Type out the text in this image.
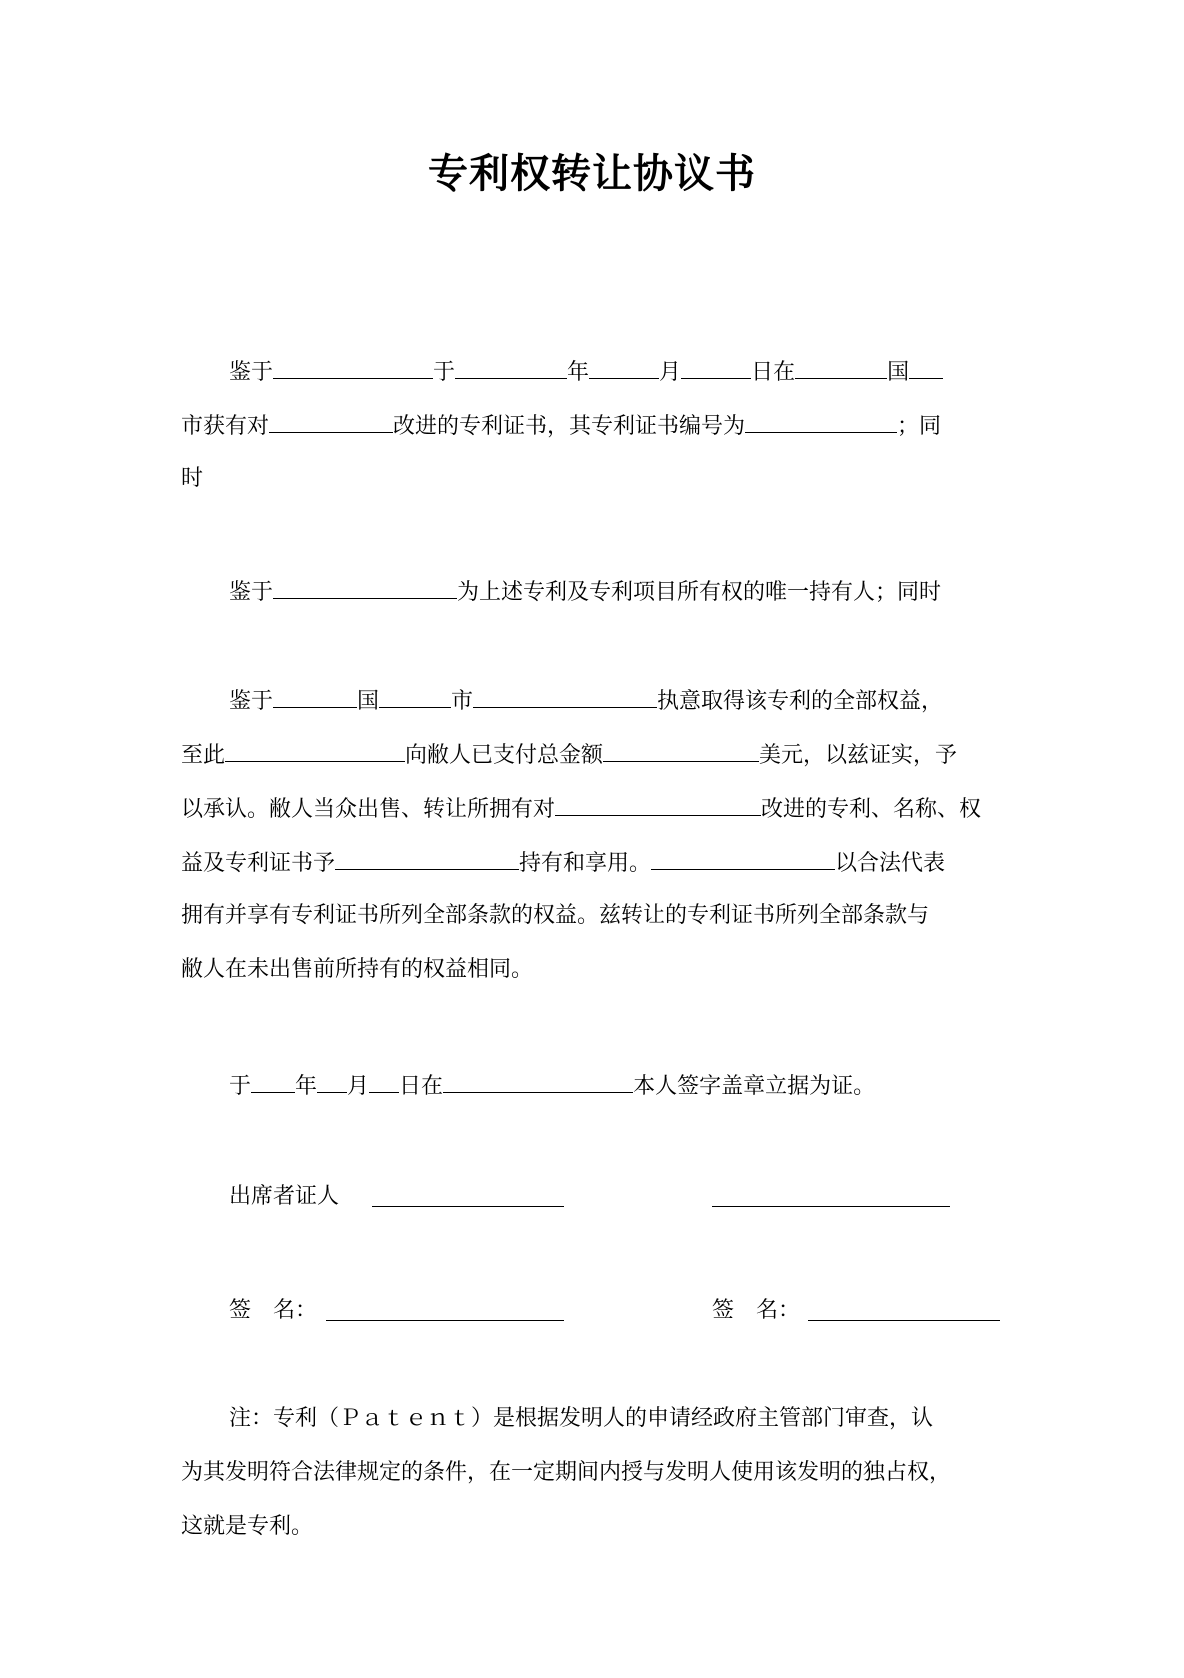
专利权转让协议书
鉴于	于	年	月	日在	国
市获有对	改进的专利证书，其专利证书编号为	；同
时
鉴于	为上述专利及专利项目所有权的唯一持有人；同时
鉴于	国	市	执意取得该专利的全部权益，
至此	向敝人已支付总金额	美元，以兹证实，予
以承认。敝人当众出售、转让所拥有对	改进的专利、名称、权
益及专利证书予	持有和享用。	以合法代表
拥有并享有专利证书所列全部条款的权益。兹转让的专利证书所列全部条款与
敝人在未出售前所持有的权益相同。
于 年 月 日在	本人签字盖章立据为证。
出席者证人
签　名：	签　名：
注：专利（Ｐａｔｅｎｔ）是根据发明人的申请经政府主管部门审查，认
为其发明符合法律规定的条件，在一定期间内授与发明人使用该发明的独占权，
这就是专利。
